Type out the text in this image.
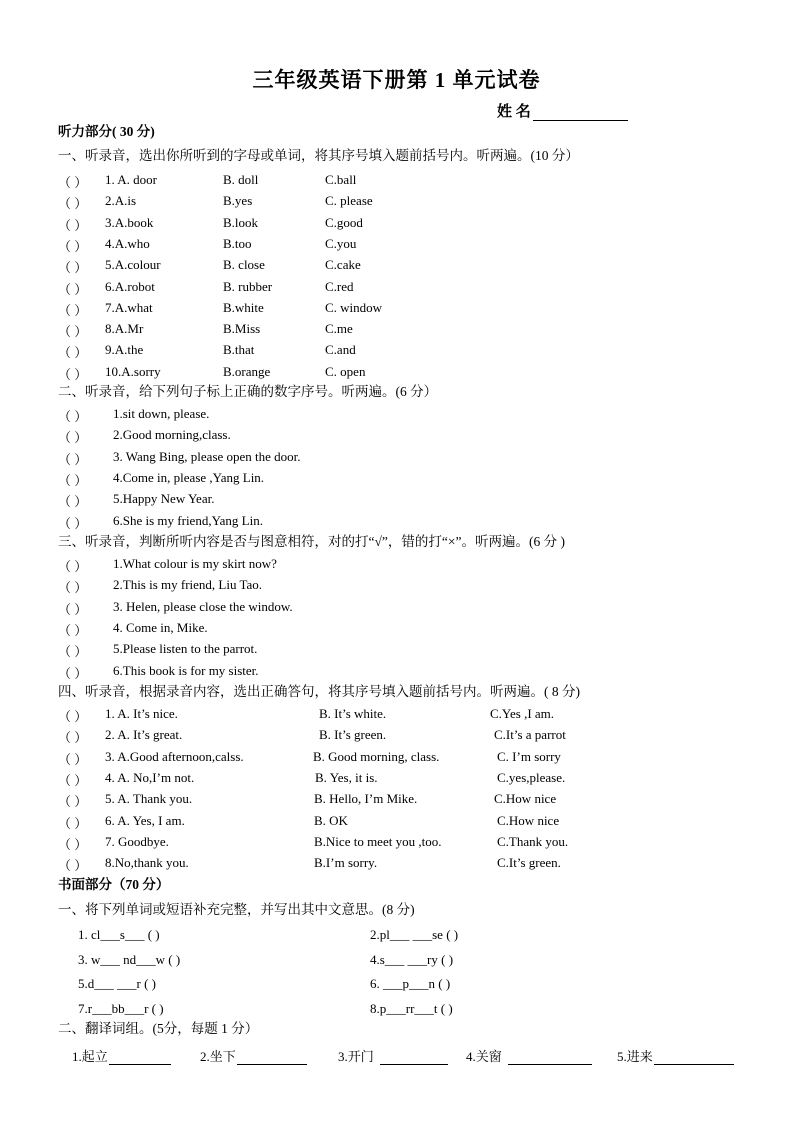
三年级英语下册第 1 单元试卷
姓 名
听力部分( 30 分)
一、听录音，选出你所听到的字母或单词，将其序号填入题前括号内。听两遍。(10 分）
（ ） 1. A. door	B. doll	C.ball
（ ） 2.A.is	B.yes	C. please
（ ） 3.A.book	B.look	C.good
（ ） 4.A.who	B.too	C.you
（ ） 5.A.colour	B. close	C.cake
（ ） 6.A.robot	B. rubber	C.red
（ ） 7.A.what	B.white	C. window
（ ） 8.A.Mr	B.Miss	C.me
（ ） 9.A.the	B.that	C.and
（ ） 10.A.sorry	B.orange	C. open
二、听录音，给下列句子标上正确的数字序号。听两遍。(6 分）
（ ） 1.sit down, please.
（ ） 2.Good morning,class.
（ ） 3. Wang Bing, please open the door.
（ ） 4.Come in, please ,Yang Lin.
（ ） 5.Happy New Year.
（ ） 6.She is my friend,Yang Lin.
三、听录音，判断所听内容是否与图意相符，对的打“√”，错的打“×”。听两遍。(6 分 )
（ ） 1.What colour is my skirt now?
（ ） 2.This is my friend, Liu Tao.
（ ） 3. Helen, please close the window.
（ ） 4. Come in, Mike.
（ ） 5.Please listen to the parrot.
（ ） 6.This book is for my sister.
四、听录音，根据录音内容，选出正确答句，将其序号填入题前括号内。听两遍。( 8 分)
（ ） 1. A. It’s nice.	B. It’s white.	C.Yes ,I am.
（ ） 2. A. It’s great.	B. It’s green.	C.It’s a parrot
（ ） 3. A.Good afternoon,calss.	B. Good morning, class.	C. I’m sorry
（ ） 4. A. No,I’m not.	B. Yes, it is.	C.yes,please.
（ ） 5. A. Thank you.	B. Hello, I’m Mike.	C.How nice
（ ） 6. A. Yes, I am.	B. OK	C.How nice
（ ） 7. Goodbye.	B.Nice to meet you ,too.	C.Thank you.
（ ） 8.No,thank you.	B.I’m sorry.	C.It’s green.
书面部分（70 分）
一、将下列单词或短语补充完整，并写出其中文意思。(8 分)
1. cl___s___ ( )	2.pl___ ___se ( )
3. w___ nd___w ( )	4.s___ ___ry ( )
5.d___ ___r ( )	6. ___p___n ( )
7.r___bb___r ( )	8.p___rr___t ( )
二、翻译词组。(5分，每题 1 分）
1.起立	2.坐下	3.开门	4.关窗	5.进来
